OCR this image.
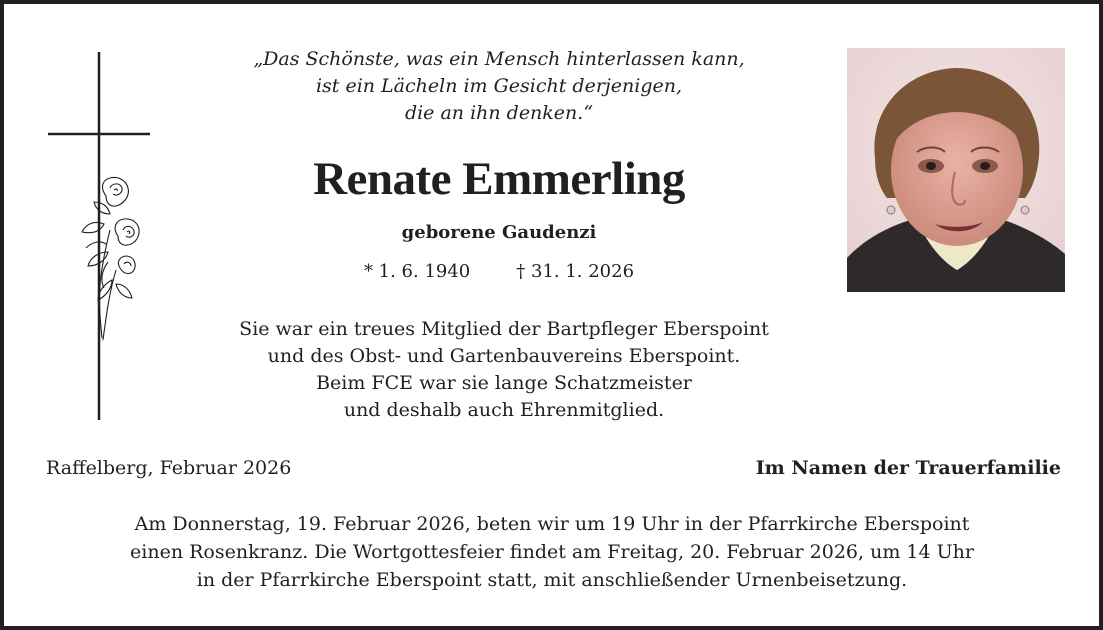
„Das Schönste, was ein Mensch hinterlassen kann,
ist ein Lächeln im Gesicht derjenigen,
die an ihn denken.“
Renate Emmerling
geborene Gaudenzi
* 1. 6. 1940	† 31. 1. 2026
Sie war ein treues Mitglied der Bartpfleger Eberspoint
und des Obst- und Gartenbauvereins Eberspoint.
Beim FCE war sie lange Schatzmeister
und deshalb auch Ehrenmitglied.
Raffelberg, Februar 2026	Im Namen der Trauerfamilie
Am Donnerstag, 19. Februar 2026, beten wir um 19 Uhr in der Pfarrkirche Eberspoint
einen Rosenkranz. Die Wortgottesfeier findet am Freitag, 20. Februar 2026, um 14 Uhr
in der Pfarrkirche Eberspoint statt, mit anschließender Urnenbeisetzung.
